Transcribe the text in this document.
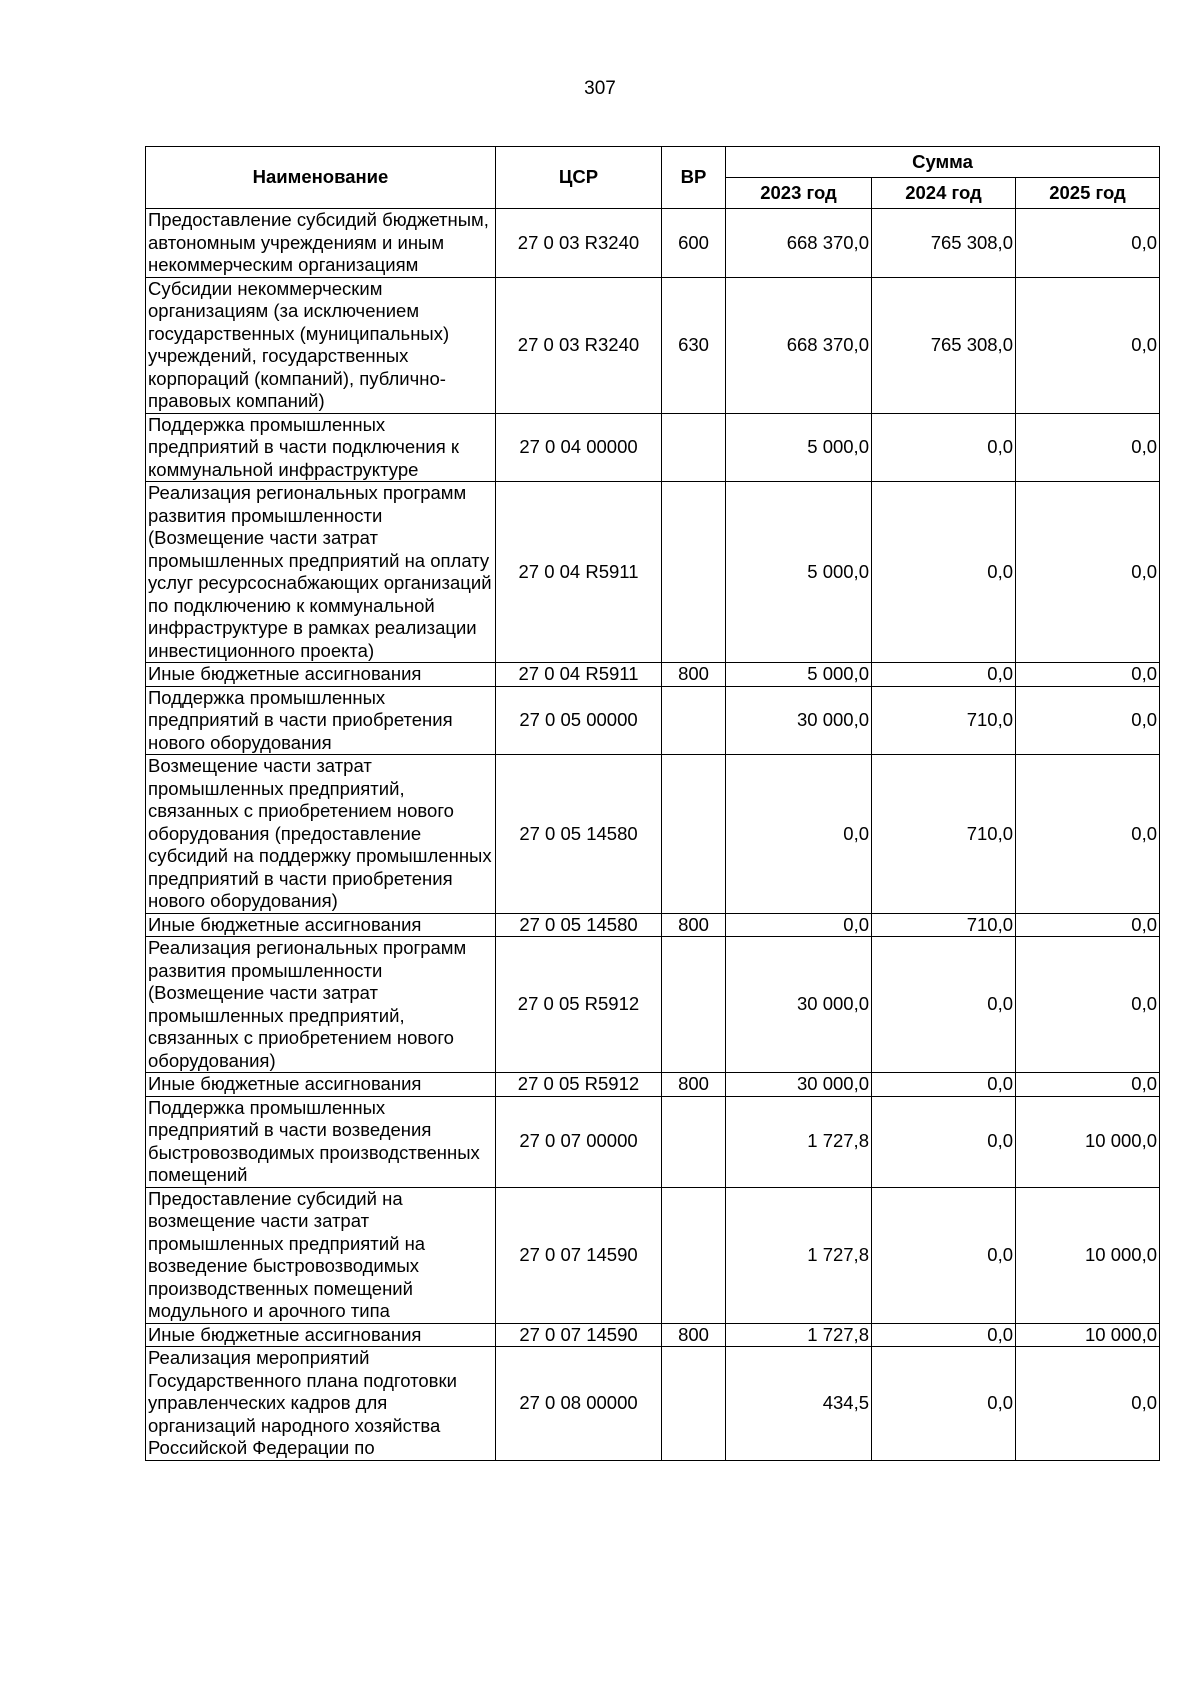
307
Наименование	ЦСР	ВР	Сумма		
			2023 год	2024 год	2025 год
Предоставление субсидий бюджетным, автономным учреждениям и иным некоммерческим организациям	27 0 03 R3240	600	668 370,0	765 308,0	0,0
Субсидии некоммерческим организациям (за исключением государственных (муниципальных) учреждений, государственных корпораций (компаний), публично-правовых компаний)	27 0 03 R3240	630	668 370,0	765 308,0	0,0
Поддержка промышленных предприятий в части подключения к коммунальной инфраструктуре	27 0 04 00000		5 000,0	0,0	0,0
Реализация региональных программ развития промышленности (Возмещение части затрат промышленных предприятий на оплату услуг ресурсоснабжающих организаций по подключению к коммунальной инфраструктуре в рамках реализации инвестиционного проекта)	27 0 04 R5911		5 000,0	0,0	0,0
Иные бюджетные ассигнования	27 0 04 R5911	800	5 000,0	0,0	0,0
Поддержка промышленных предприятий в части приобретения нового оборудования	27 0 05 00000		30 000,0	710,0	0,0
Возмещение части затрат промышленных предприятий, связанных с приобретением нового оборудования (предоставление субсидий на поддержку промышленных предприятий в части приобретения нового оборудования)	27 0 05 14580		0,0	710,0	0,0
Иные бюджетные ассигнования	27 0 05 14580	800	0,0	710,0	0,0
Реализация региональных программ развития промышленности (Возмещение части затрат промышленных предприятий, связанных с приобретением нового оборудования)	27 0 05 R5912		30 000,0	0,0	0,0
Иные бюджетные ассигнования	27 0 05 R5912	800	30 000,0	0,0	0,0
Поддержка промышленных предприятий в части возведения быстровозводимых производственных помещений	27 0 07 00000		1 727,8	0,0	10 000,0
Предоставление субсидий на возмещение части затрат промышленных предприятий на возведение быстровозводимых производственных помещений модульного и арочного типа	27 0 07 14590		1 727,8	0,0	10 000,0
Иные бюджетные ассигнования	27 0 07 14590	800	1 727,8	0,0	10 000,0
Реализация мероприятий Государственного плана подготовки управленческих кадров для организаций народного хозяйства Российской Федерации по	27 0 08 00000		434,5	0,0	0,0
